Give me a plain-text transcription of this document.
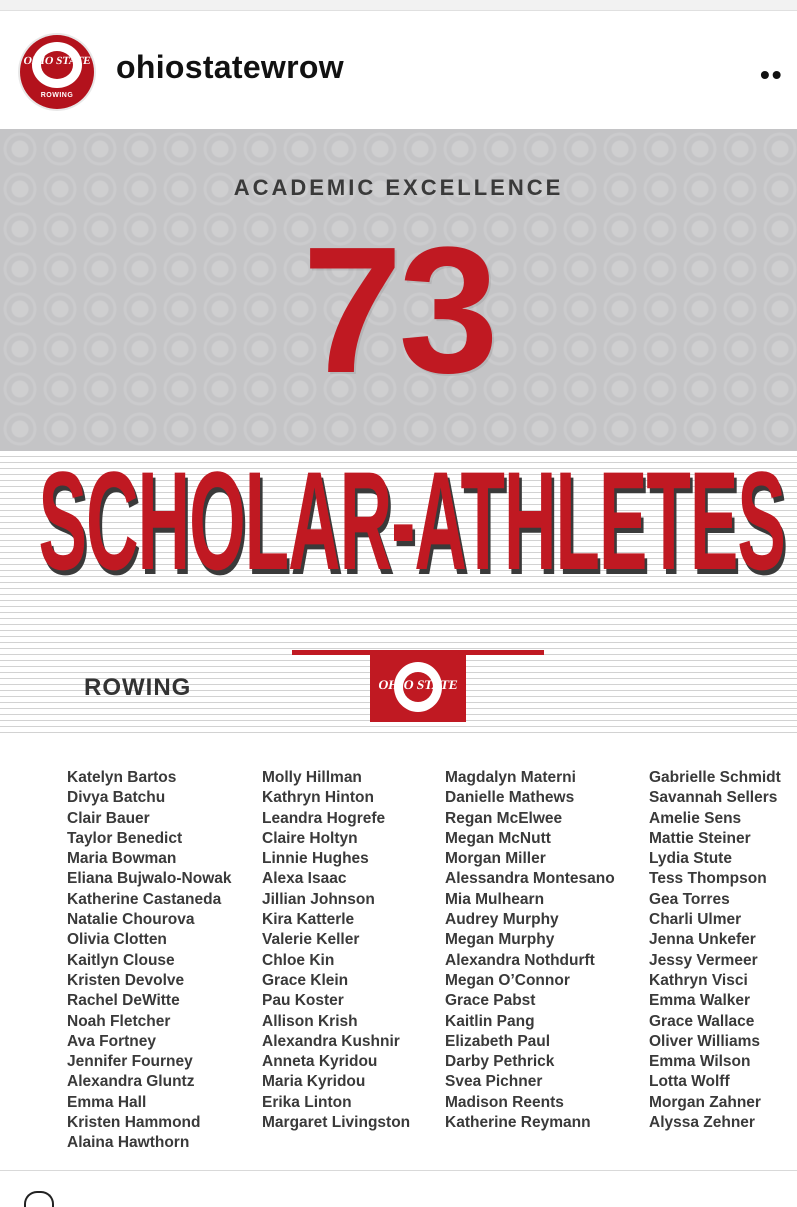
OHIO STATE
ROWING
ohiostatewrow	••
ACADEMIC EXCELLENCE
73
SCHOLAR-ATHLETES
ROWING	OHIO STATE
Katelyn Bartos
Divya Batchu
Clair Bauer
Taylor Benedict
Maria Bowman
Eliana Bujwalo-Nowak
Katherine Castaneda
Natalie Chourova
Olivia Clotten
Kaitlyn Clouse
Kristen Devolve
Rachel DeWitte
Noah Fletcher
Ava Fortney
Jennifer Fourney
Alexandra Gluntz
Emma Hall
Kristen Hammond
Alaina Hawthorn
Molly Hillman
Kathryn Hinton
Leandra Hogrefe
Claire Holtyn
Linnie Hughes
Alexa Isaac
Jillian Johnson
Kira Katterle
Valerie Keller
Chloe Kin
Grace Klein
Pau Koster
Allison Krish
Alexandra Kushnir
Anneta Kyridou
Maria Kyridou
Erika Linton
Margaret Livingston
Magdalyn Materni
Danielle Mathews
Regan McElwee
Megan McNutt
Morgan Miller
Alessandra Montesano
Mia Mulhearn
Audrey Murphy
Megan Murphy
Alexandra Nothdurft
Megan O’Connor
Grace Pabst
Kaitlin Pang
Elizabeth Paul
Darby Pethrick
Svea Pichner
Madison Reents
Katherine Reymann
Gabrielle Schmidt
Savannah Sellers
Amelie Sens
Mattie Steiner
Lydia Stute
Tess Thompson
Gea Torres
Charli Ulmer
Jenna Unkefer
Jessy Vermeer
Kathryn Visci
Emma Walker
Grace Wallace
Oliver Williams
Emma Wilson
Lotta Wolff
Morgan Zahner
Alyssa Zehner
